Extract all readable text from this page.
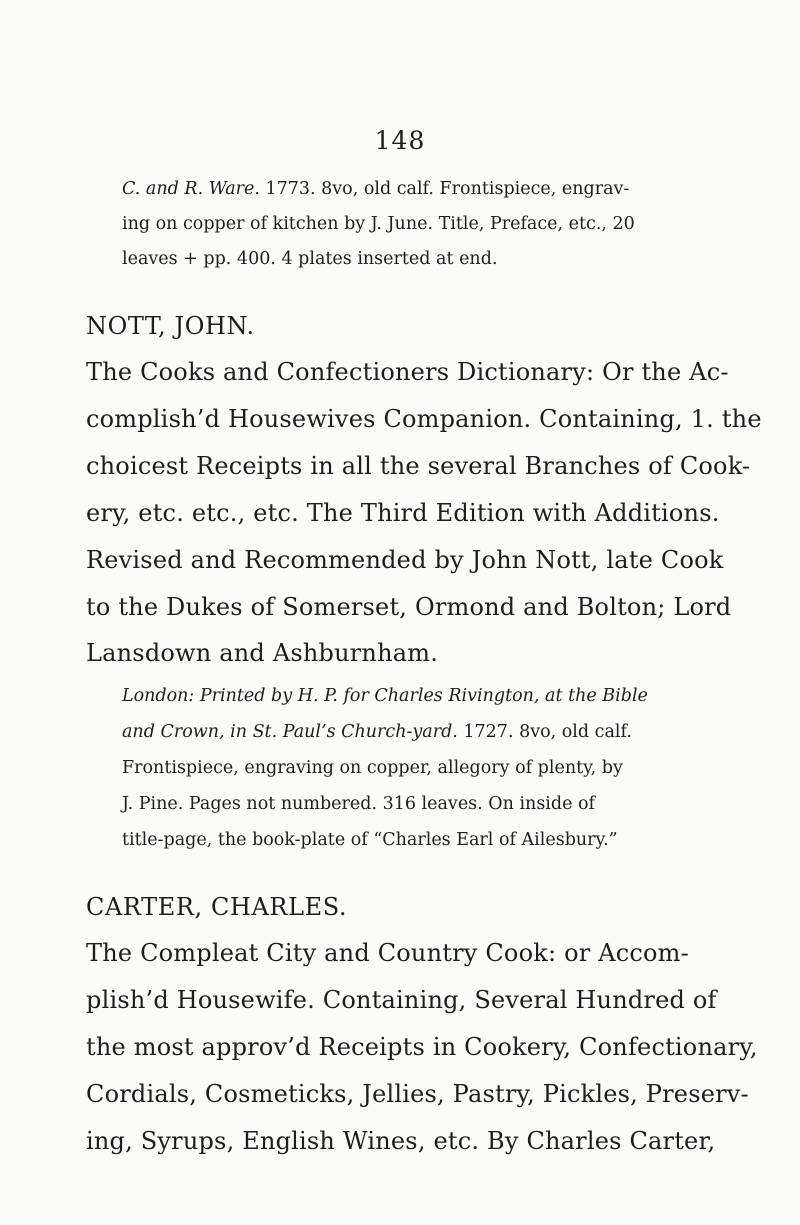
148
C. and R. Ware. 1773. 8vo, old calf. Frontispiece, engrav-
ing on copper of kitchen by J. June. Title, Preface, etc., 20
leaves + pp. 400. 4 plates inserted at end.
NOTT, JOHN.
The Cooks and Confectioners Dictionary: Or the Ac-
complish’d Housewives Companion. Containing, 1. the
choicest Receipts in all the several Branches of Cook-
ery, etc. etc., etc. The Third Edition with Additions.
Revised and Recommended by John Nott, late Cook
to the Dukes of Somerset, Ormond and Bolton; Lord
Lansdown and Ashburnham.
London: Printed by H. P. for Charles Rivington, at the Bible
and Crown, in St. Paul’s Church-yard. 1727. 8vo, old calf.
Frontispiece, engraving on copper, allegory of plenty, by
J. Pine. Pages not numbered. 316 leaves. On inside of
title-page, the book-plate of “Charles Earl of Ailesbury.”
CARTER, CHARLES.
The Compleat City and Country Cook: or Accom-
plish’d Housewife. Containing, Several Hundred of
the most approv’d Receipts in Cookery, Confectionary,
Cordials, Cosmeticks, Jellies, Pastry, Pickles, Preserv-
ing, Syrups, English Wines, etc. By Charles Carter,
